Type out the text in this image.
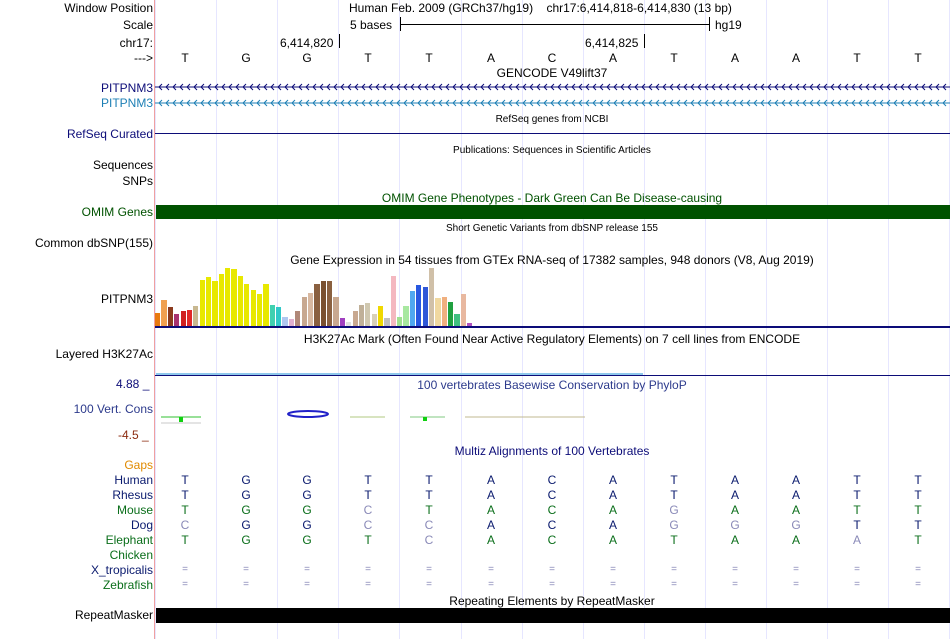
Window Position	Human Feb. 2009 (GRCh37/hg19)    chr17:6,414,818-6,414,830 (13 bp)
Scale	5 bases	hg19
chr17:	6,414,820	6,414,825
---> T	G	G	T	T	A	C	A	T	A	A	T	T
GENCODE V49lift37
PITPNM3
PITPNM3
RefSeq genes from NCBI
RefSeq Curated
Publications: Sequences in Scientific Articles
Sequences
SNPs
OMIM Gene Phenotypes - Dark Green Can Be Disease-causing
OMIM Genes
Short Genetic Variants from dbSNP release 155
Common dbSNP(155)
Gene Expression in 54 tissues from GTEx RNA-seq of 17382 samples, 948 donors (V8, Aug 2019)
PITPNM3
H3K27Ac Mark (Often Found Near Active Regulatory Elements) on 7 cell lines from ENCODE
Layered H3K27Ac
100 vertebrates Basewise Conservation by PhyloP
4.88 _
100 Vert. Cons
-4.5 _
Multiz Alignments of 100 Vertebrates
Gaps
Human T	G	G	T	T	A	C	A	T	A	A	T	T
Rhesus T	G	G	T	T	A	C	A	T	A	A	T	T
Mouse T	G	G	C	T	A	C	A	G	A	A	T	T
Dog C	G	G	C	C	A	C	A	G	G	G	T	T
Elephant T	G	G	T	C	A	C	A	T	A	A	A	T
Chicken
X_tropicalis	=	=	=	=	=	=	=	=	=	=	=	=	=
Zebrafish	=	=	=	=	=	=	=	=	=	=	=	=	=
Repeating Elements by RepeatMasker
RepeatMasker
